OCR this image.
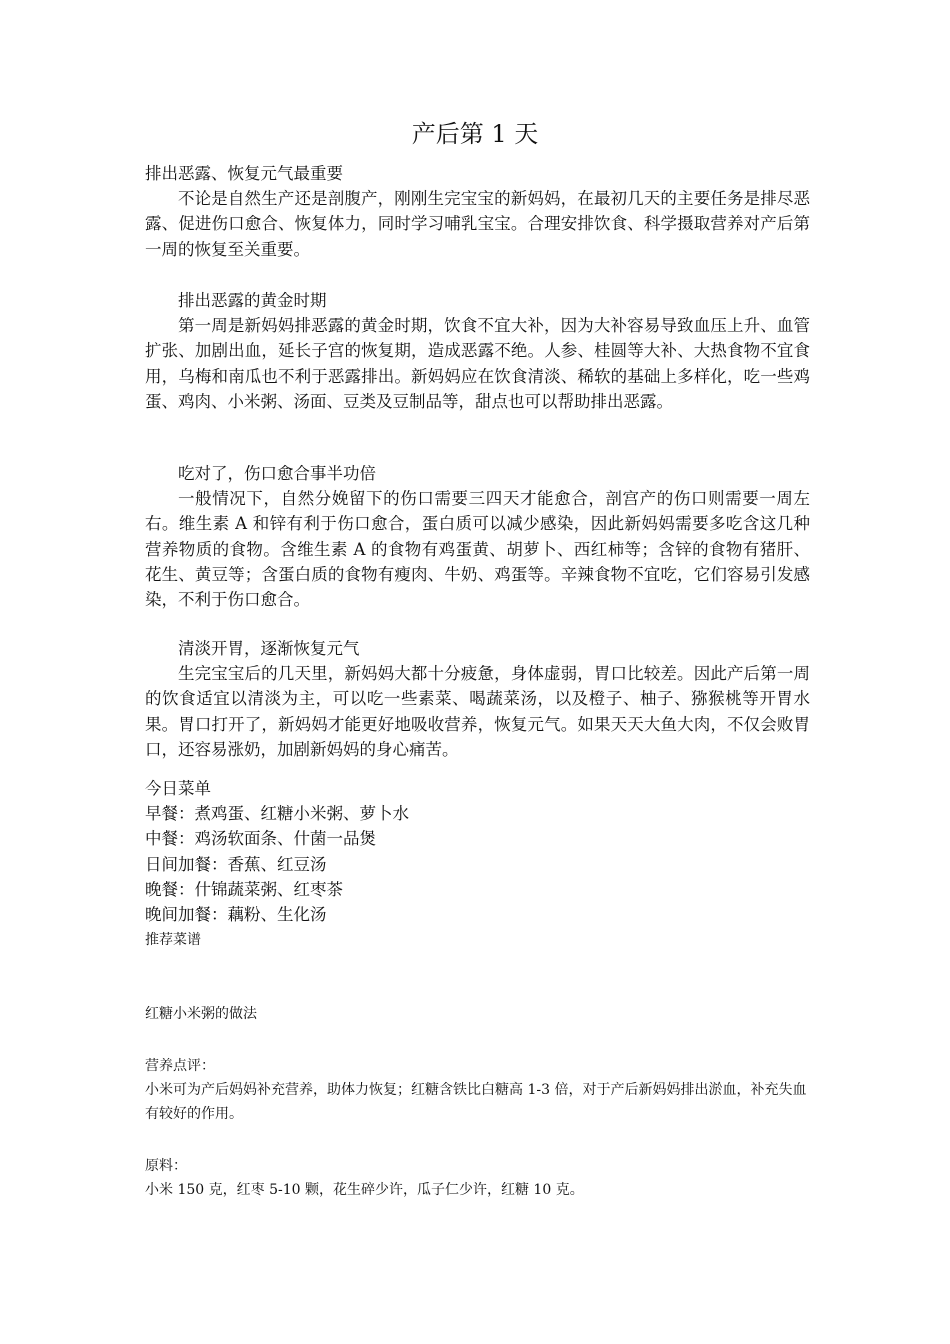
产后第 1 天
排出恶露、恢复元气最重要

不论是自然生产还是剖腹产，刚刚生完宝宝的新妈妈，在最初几天的主要任务是排尽恶露、促进伤口愈合、恢复体力，同时学习哺乳宝宝。合理安排饮食、科学摄取营养对产后第一周的恢复至关重要。

排出恶露的黄金时期

第一周是新妈妈排恶露的黄金时期，饮食不宜大补，因为大补容易导致血压上升、血管扩张、加剧出血，延长子宫的恢复期，造成恶露不绝。人参、桂圆等大补、大热食物不宜食用，乌梅和南瓜也不利于恶露排出。新妈妈应在饮食清淡、稀软的基础上多样化，吃一些鸡蛋、鸡肉、小米粥、汤面、豆类及豆制品等，甜点也可以帮助排出恶露。

吃对了，伤口愈合事半功倍

一般情况下，自然分娩留下的伤口需要三四天才能愈合，剖宫产的伤口则需要一周左右。维生素 A 和锌有利于伤口愈合，蛋白质可以减少感染，因此新妈妈需要多吃含这几种营养物质的食物。含维生素 A 的食物有鸡蛋黄、胡萝卜、西红柿等；含锌的食物有猪肝、花生、黄豆等；含蛋白质的食物有瘦肉、牛奶、鸡蛋等。辛辣食物不宜吃，它们容易引发感染，不利于伤口愈合。

清淡开胃，逐渐恢复元气

生完宝宝后的几天里，新妈妈大都十分疲惫，身体虚弱，胃口比较差。因此产后第一周的饮食适宜以清淡为主，可以吃一些素菜、喝蔬菜汤，以及橙子、柚子、猕猴桃等开胃水果。胃口打开了，新妈妈才能更好地吸收营养，恢复元气。如果天天大鱼大肉，不仅会败胃口，还容易涨奶，加剧新妈妈的身心痛苦。

今日菜单
早餐：煮鸡蛋、红糖小米粥、萝卜水
中餐：鸡汤软面条、什菌一品煲
日间加餐：香蕉、红豆汤
晚餐：什锦蔬菜粥、红枣茶
晚间加餐：藕粉、生化汤
推荐菜谱
红糖小米粥的做法
营养点评：

小米可为产后妈妈补充营养，助体力恢复；红糖含铁比白糖高 1-3 倍，对于产后新妈妈排出淤血，补充失血有较好的作用。

原料：

小米 150 克，红枣 5-10 颗，花生碎少许，瓜子仁少许，红糖 10 克。
